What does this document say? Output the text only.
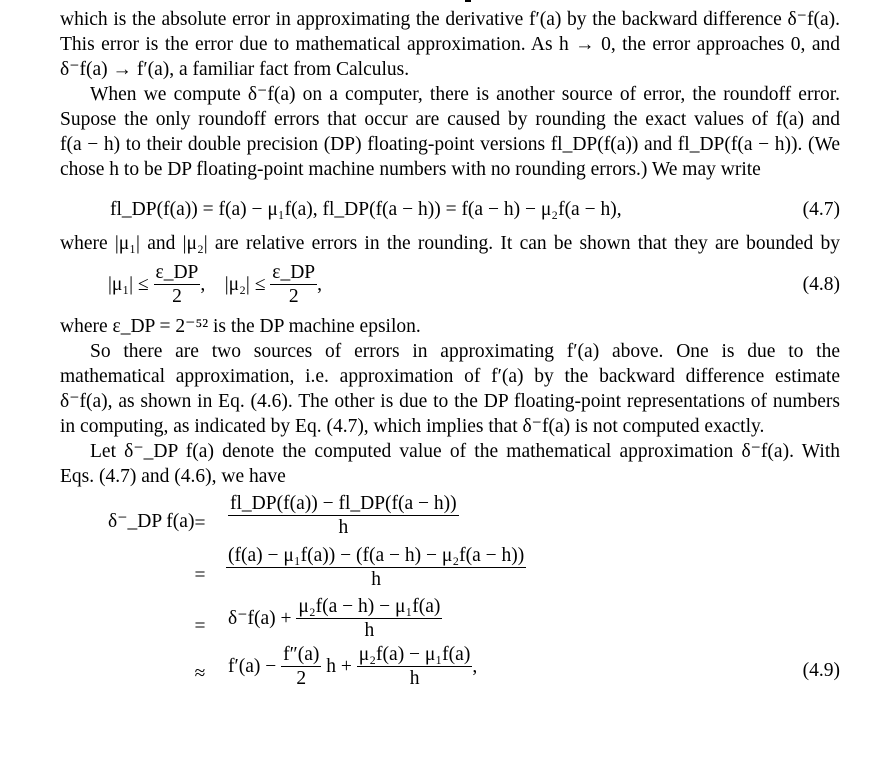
which is the absolute error in approximating the derivative f′(a) by the backward difference δ⁻f(a).
This error is the error due to mathematical approximation. As h → 0, the error approaches 0, and
δ⁻f(a) → f′(a), a familiar fact from Calculus.
When we compute δ⁻f(a) on a computer, there is another source of error, the roundoff error.
Supose the only roundoff errors that occur are caused by rounding the exact values of f(a) and
f(a − h) to their double precision (DP) floating-point versions fl_DP(f(a)) and fl_DP(f(a − h)). (We
chose h to be DP floating-point machine numbers with no rounding errors.) We may write
fl_DP(f(a)) = f(a) − μ₁f(a), fl_DP(f(a − h)) = f(a − h) − μ₂f(a − h),	(4.7)
where |μ₁| and |μ₂| are relative errors in the rounding. It can be shown that they are bounded by
$|\mu_1| \le \frac{\varepsilon\_DP}{2}$ , $|\mu_2| \le \frac{\varepsilon\_DP}{2}$ ,	(4.8)
where ε_DP = 2⁻⁵² is the DP machine epsilon.
So there are two sources of errors in approximating f′(a) above. One is due to the
mathematical approximation, i.e. approximation of f′(a) by the backward difference estimate
δ⁻f(a), as shown in Eq. (4.6). The other is due to the DP floating-point representations of numbers
in computing, as indicated by Eq. (4.7), which implies that δ⁻f(a) is not computed exactly.
Let δ⁻_DP f(a) denote the computed value of the mathematical approximation δ⁻f(a). With
Eqs. (4.7) and (4.6), we have
δ⁻_DP $f(a) = \frac{fl\_DP(f(a)) - fl\_DP(f(a - h))}{h}$
= $\frac{\text{(f(a) − μ₁f(a)) − (f(a − h) − μ₂f(a − h))}}{h}$
= $\delta^-f(a) + \frac{\text{μ₂f(a − h) − μ₁f(a)}}{h}$
≈ $f'(a) - \frac{f''(a)}{2}$ $h + \frac{\text{μ₂f(a) − μ₁f(a)}}{h}$ ,	(4.9)
